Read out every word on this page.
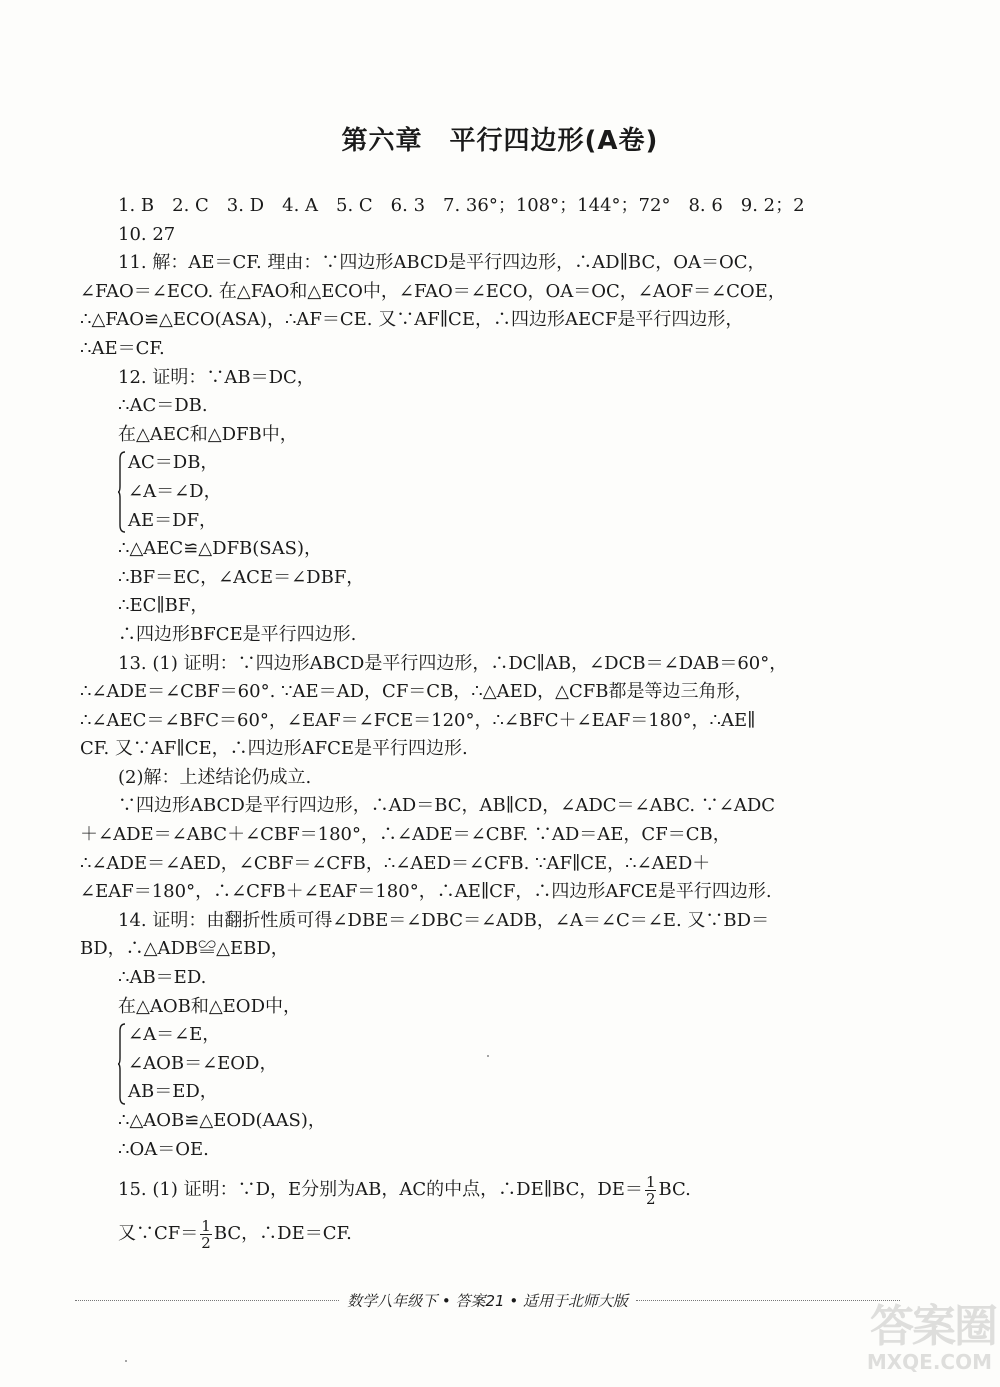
第六章　平行四边形(A卷)
1. B　2. C　3. D　4. A　5. C　6. 3　7. 36°；108°；144°；72°　8. 6　9. 2；2
10. 27
11. 解：AE＝CF. 理由：∵四边形ABCD是平行四边形，∴AD∥BC，OA＝OC，
∠FAO＝∠ECO. 在△FAO和△ECO中，∠FAO＝∠ECO，OA＝OC，∠AOF＝∠COE，
∴△FAO≌△ECO(ASA)，∴AF＝CE. 又∵AF∥CE，∴四边形AECF是平行四边形，
∴AE＝CF.
12. 证明：∵AB＝DC，
∴AC＝DB.
在△AEC和△DFB中，
AC＝DB，
∠A＝∠D，
AE＝DF，
∴△AEC≌△DFB(SAS)，
∴BF＝EC，∠ACE＝∠DBF，
∴EC∥BF，
∴四边形BFCE是平行四边形.
13. (1) 证明：∵四边形ABCD是平行四边形，∴DC∥AB，∠DCB＝∠DAB＝60°，
∴∠ADE＝∠CBF＝60°. ∵AE＝AD，CF＝CB，∴△AED，△CFB都是等边三角形，
∴∠AEC＝∠BFC＝60°，∠EAF＝∠FCE＝120°，∴∠BFC＋∠EAF＝180°，∴AE∥
CF. 又∵AF∥CE，∴四边形AFCE是平行四边形.
(2)解：上述结论仍成立.
∵四边形ABCD是平行四边形，∴AD＝BC，AB∥CD，∠ADC＝∠ABC. ∵∠ADC
＋∠ADE＝∠ABC＋∠CBF＝180°，∴∠ADE＝∠CBF. ∵AD＝AE，CF＝CB，
∴∠ADE＝∠AED，∠CBF＝∠CFB，∴∠AED＝∠CFB. ∵AF∥CE，∴∠AED＋
∠EAF＝180°，∴∠CFB＋∠EAF＝180°，∴AE∥CF，∴四边形AFCE是平行四边形.
14. 证明：由翻折性质可得∠DBE＝∠DBC＝∠ADB，∠A＝∠C＝∠E. 又∵BD＝
BD，∴△ADB≌△EBD，
∴AB＝ED.
在△AOB和△EOD中，
∠A＝∠E，
∠AOB＝∠EOD，
AB＝ED，
∴△AOB≌△EOD(AAS)，
∴OA＝OE.
15. (1) 证明：∵D，E分别为AB，AC的中点，∴DE∥BC，$DE= \frac{1}{2}$ BC.
又∵CF＝ $\frac{1}{2}$ BC，∴DE＝CF.
数学八年级下 • 答案21 • 适用于北师大版
答案圈
MXQE.COM
